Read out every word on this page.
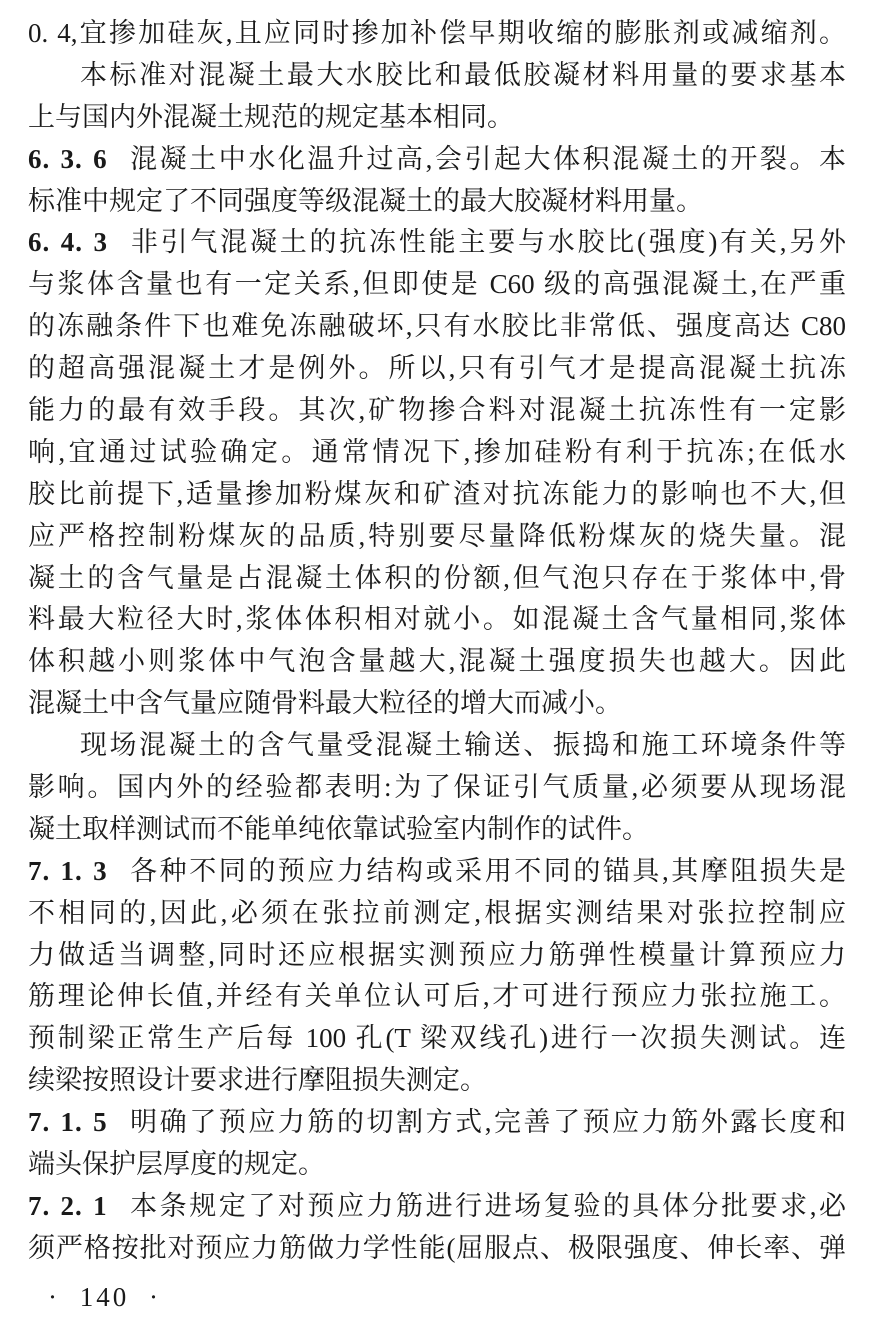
0. 4,宜掺加硅灰,且应同时掺加补偿早期收缩的膨胀剂或减缩剂。
本标准对混凝土最大水胶比和最低胶凝材料用量的要求基本
上与国内外混凝土规范的规定基本相同。
6. 3. 6 混凝土中水化温升过高,会引起大体积混凝土的开裂。本
标准中规定了不同强度等级混凝土的最大胶凝材料用量。
6. 4. 3 非引气混凝土的抗冻性能主要与水胶比(强度)有关,另外
与浆体含量也有一定关系,但即使是 C60 级的高强混凝土,在严重
的冻融条件下也难免冻融破坏,只有水胶比非常低、强度高达 C80
的超高强混凝土才是例外。所以,只有引气才是提高混凝土抗冻
能力的最有效手段。其次,矿物掺合料对混凝土抗冻性有一定影
响,宜通过试验确定。通常情况下,掺加硅粉有利于抗冻;在低水
胶比前提下,适量掺加粉煤灰和矿渣对抗冻能力的影响也不大,但
应严格控制粉煤灰的品质,特别要尽量降低粉煤灰的烧失量。混
凝土的含气量是占混凝土体积的份额,但气泡只存在于浆体中,骨
料最大粒径大时,浆体体积相对就小。如混凝土含气量相同,浆体
体积越小则浆体中气泡含量越大,混凝土强度损失也越大。因此
混凝土中含气量应随骨料最大粒径的增大而减小。
现场混凝土的含气量受混凝土输送、振捣和施工环境条件等
影响。国内外的经验都表明:为了保证引气质量,必须要从现场混
凝土取样测试而不能单纯依靠试验室内制作的试件。
7. 1. 3 各种不同的预应力结构或采用不同的锚具,其摩阻损失是
不相同的,因此,必须在张拉前测定,根据实测结果对张拉控制应
力做适当调整,同时还应根据实测预应力筋弹性模量计算预应力
筋理论伸长值,并经有关单位认可后,才可进行预应力张拉施工。
预制梁正常生产后每 100 孔(T 梁双线孔)进行一次损失测试。连
续梁按照设计要求进行摩阻损失测定。
7. 1. 5 明确了预应力筋的切割方式,完善了预应力筋外露长度和
端头保护层厚度的规定。
7. 2. 1 本条规定了对预应力筋进行进场复验的具体分批要求,必
须严格按批对预应力筋做力学性能(屈服点、极限强度、伸长率、弹
· 140 ·
